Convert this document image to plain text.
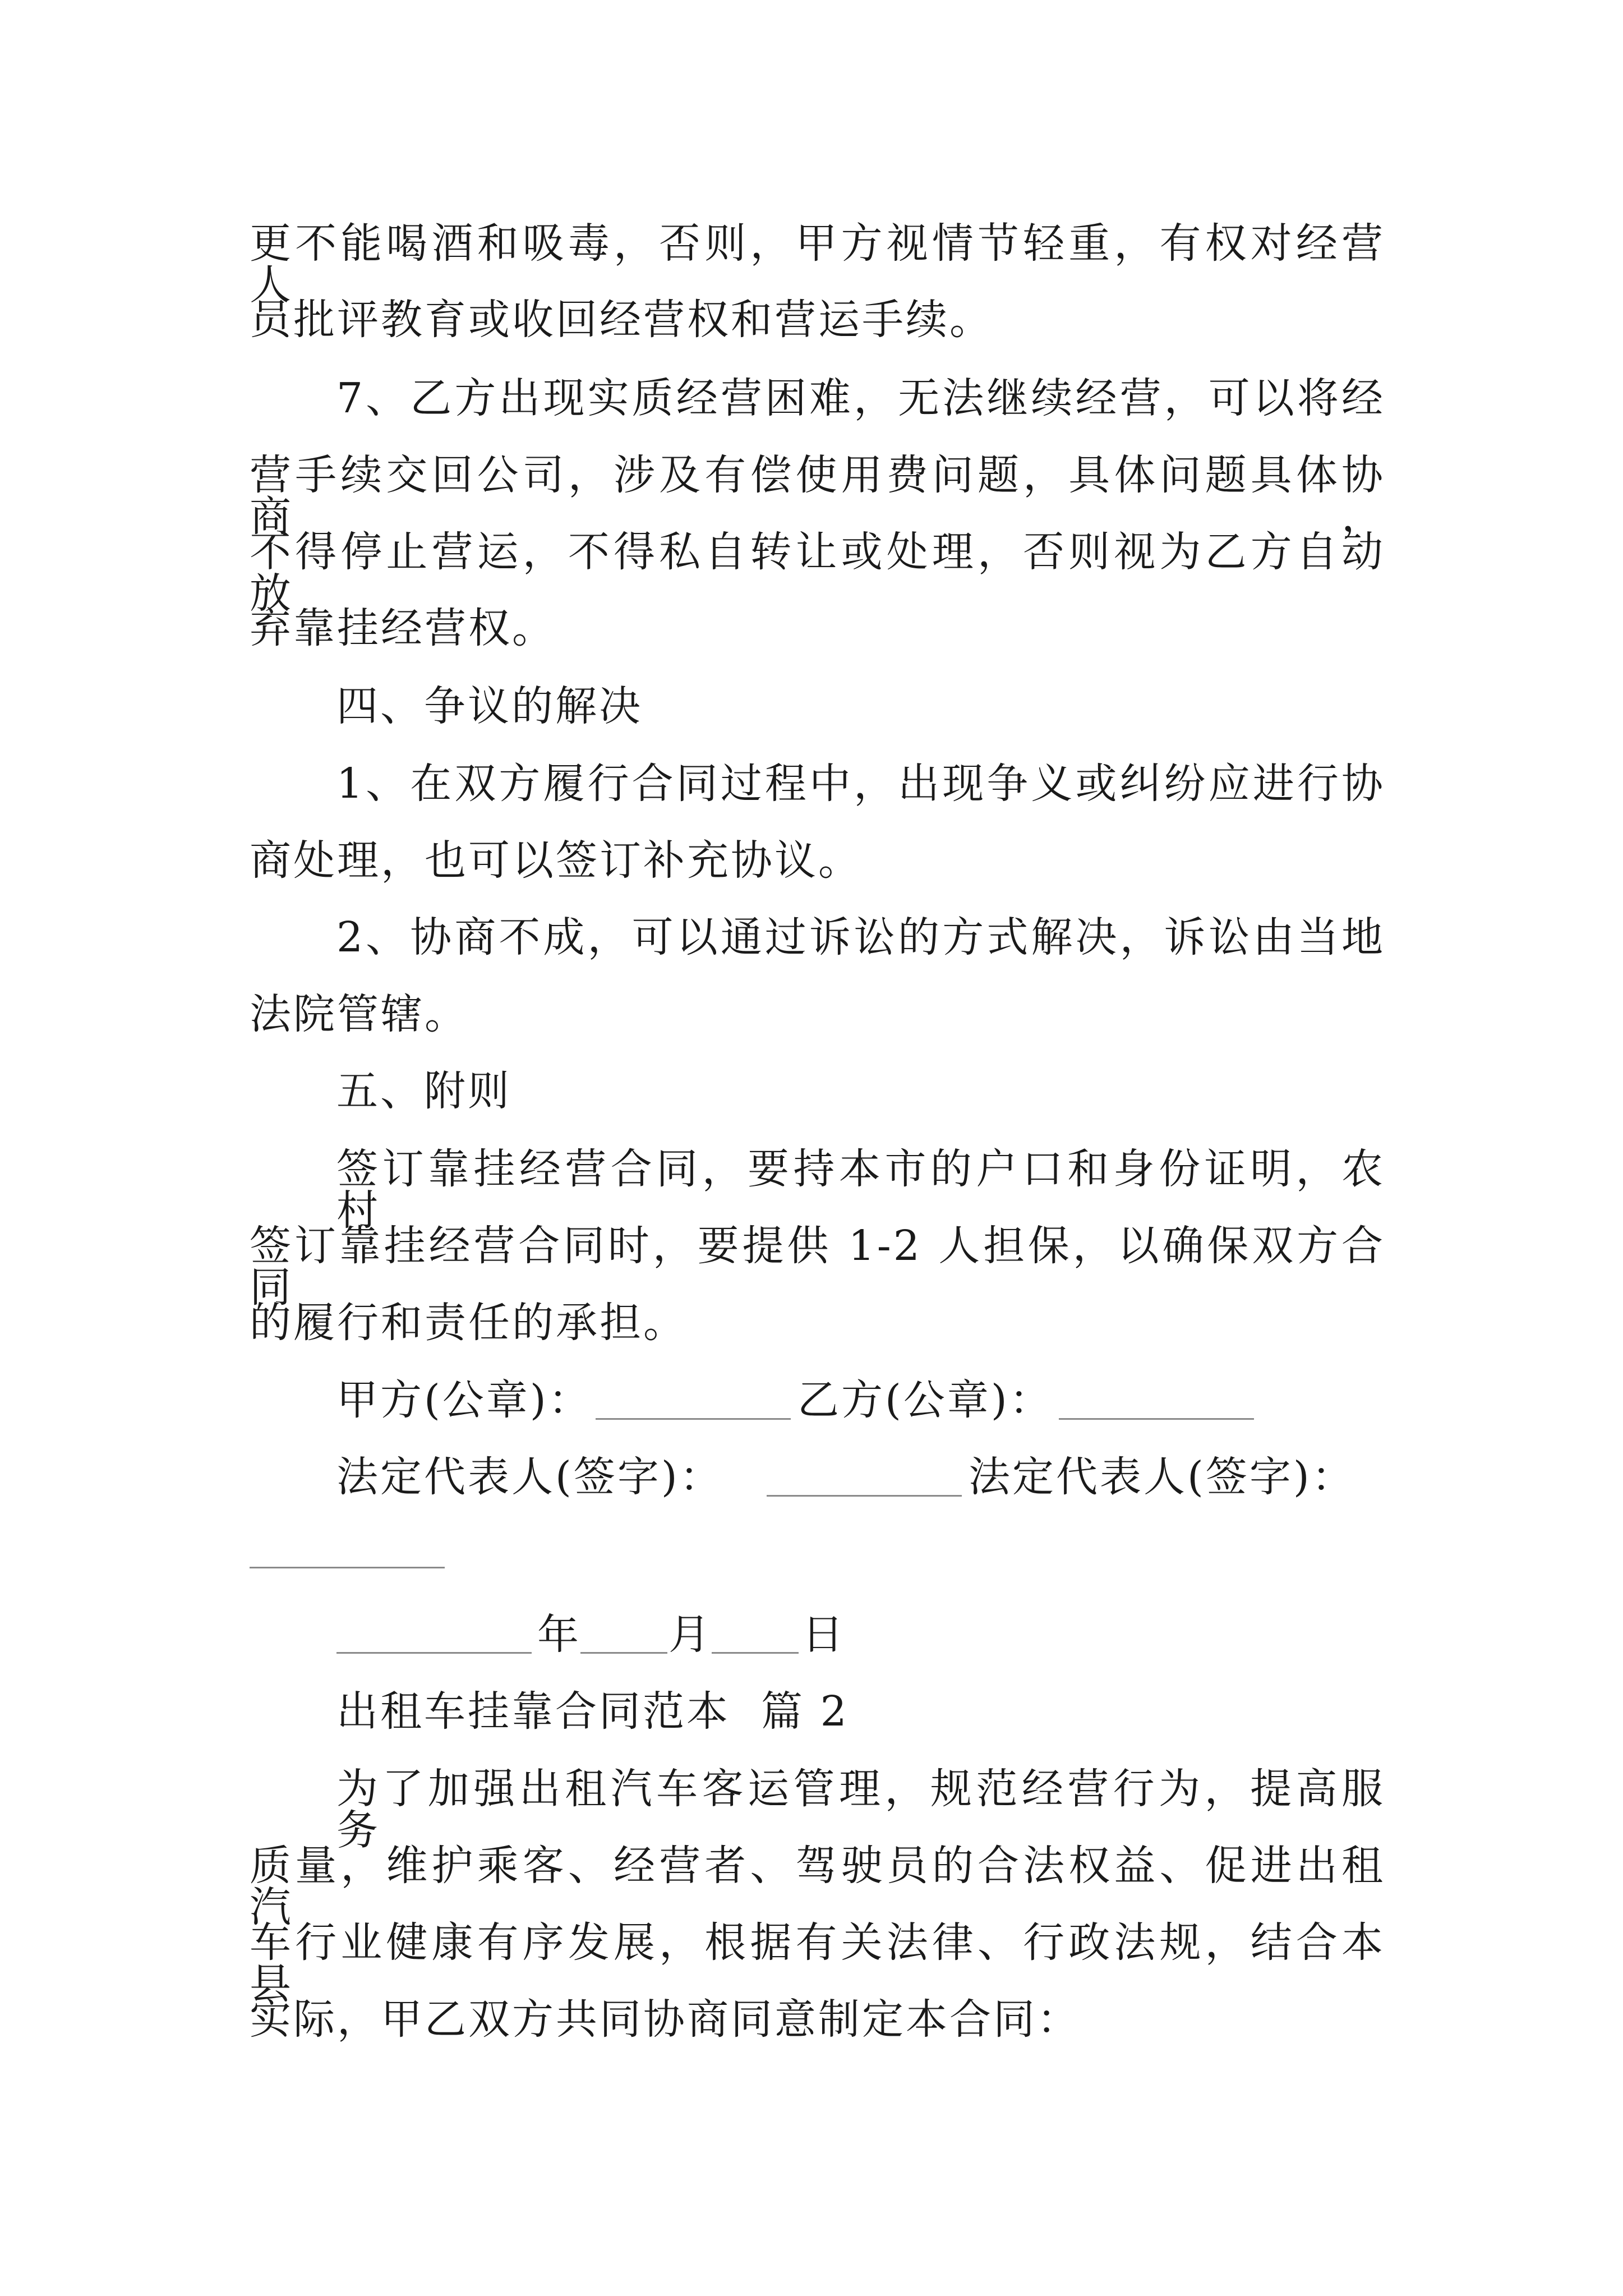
更不能喝酒和吸毒，否则，甲方视情节轻重，有权对经营人
员批评教育或收回经营权和营运手续。
7、乙方出现实质经营困难，无法继续经营，可以将经
营手续交回公司，涉及有偿使用费问题，具体问题具体协商，
不得停止营运，不得私自转让或处理，否则视为乙方自动放
弃靠挂经营权。
四、争议的解决
1、在双方履行合同过程中，出现争义或纠纷应进行协
商处理，也可以签订补充协议。
2、协商不成，可以通过诉讼的方式解决，诉讼由当地
法院管辖。
五、附则
签订靠挂经营合同，要持本市的户口和身份证明，农村
签订靠挂经营合同时，要提供 1-2 人担保，以确保双方合同
的履行和责任的承担。
甲方(公章)：	乙方(公章)：
法定代表人(签字)：	法定代表人(签字)：
年 月 日
出租车挂靠合同范本  篇 2
为了加强出租汽车客运管理，规范经营行为，提高服务
质量，维护乘客、经营者、驾驶员的合法权益、促进出租汽
车行业健康有序发展，根据有关法律、行政法规，结合本县
实际，甲乙双方共同协商同意制定本合同：
